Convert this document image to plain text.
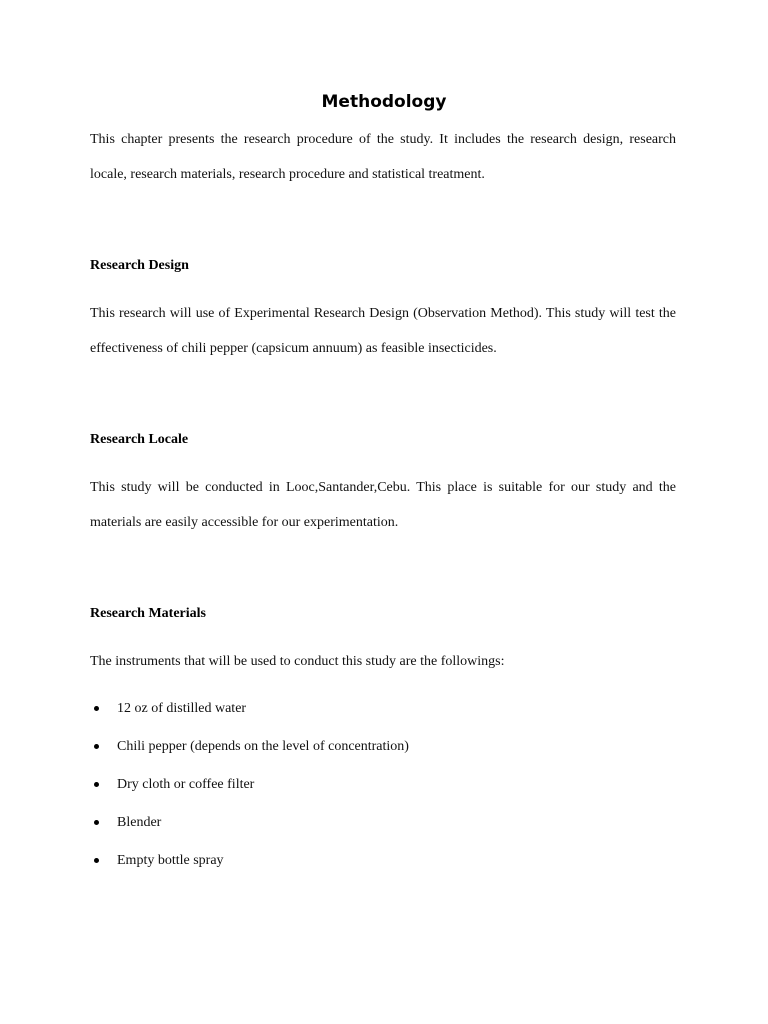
Methodology
This chapter presents the research procedure of the study. It includes the research design, research locale, research materials, research procedure and statistical treatment.
Research Design
This research will use of Experimental Research Design (Observation Method). This study will test the effectiveness of chili pepper (capsicum annuum) as feasible insecticides.
Research Locale
This study will be conducted in Looc,Santander,Cebu. This place is suitable for our study and the materials are easily accessible for our experimentation.
Research Materials
The instruments that will be used to conduct this study are the followings:
12 oz of distilled water
Chili pepper (depends on the level of concentration)
Dry cloth or coffee filter
Blender
Empty bottle spray
